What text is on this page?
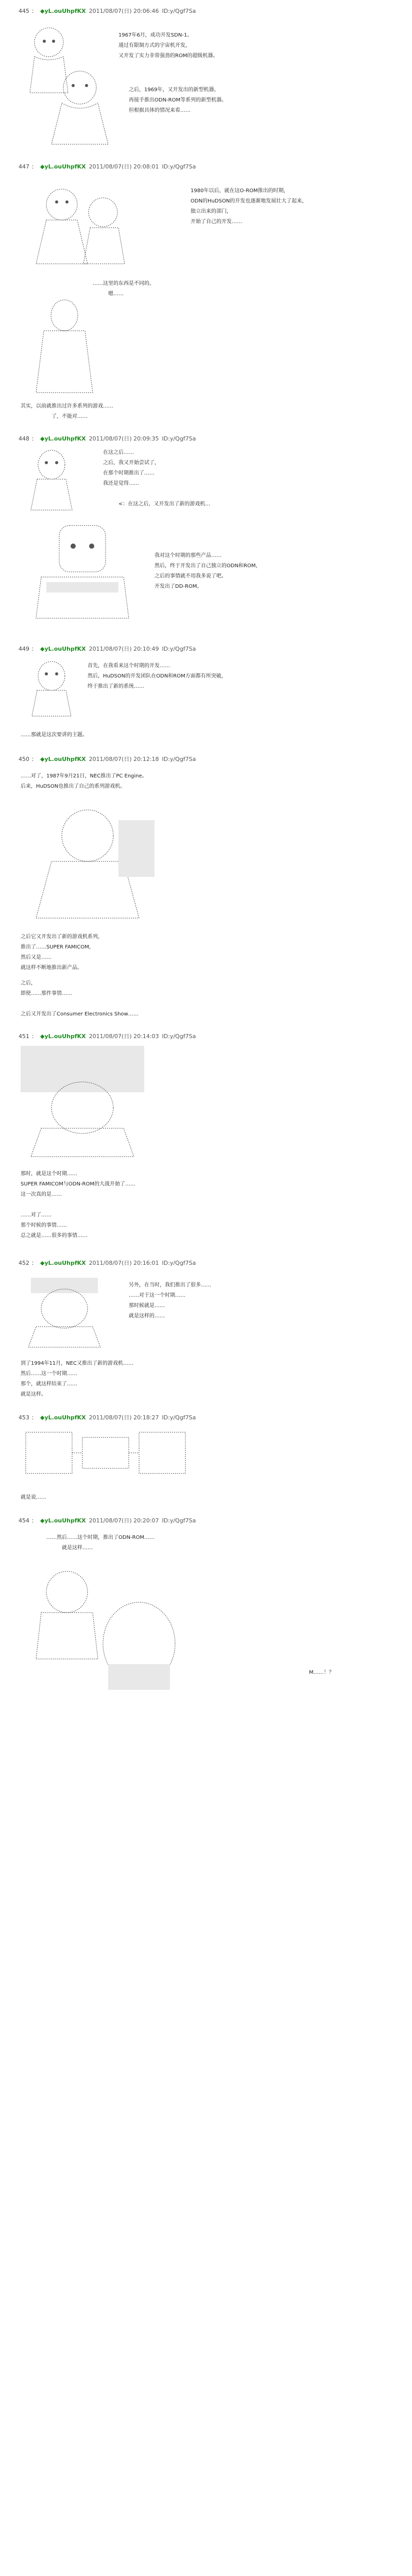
445 ： ◆yL.ouUhpfKX 2011/08/07(日) 20:06:46 ID:y/Qgf7Sa
1967年6月，成功开发SDN-1。
通过有限制方式的宇宙机开发，
又开发了实力非常强劲的ROM的超级机器。
之后，1969年，又开发出的新型机器，
再接手推出ODN-ROM等系列的新型机器。
但根据具体的情况来看……
447 ： ◆yL.ouUhpfKX 2011/08/07(日) 20:08:01 ID:y/Qgf7Sa
1980年以后，就在这O-ROM推出的时期，
ODN的HuDSON的开发也逐渐地发展壮大了起来，
独立出来的部门，
开始了自己的开发……
……这里的东西是不同的。
嗯……
其实，以前就推出过许多系列的游戏……
了，不能对……
448 ： ◆yL.ouUhpfKX 2011/08/07(日) 20:09:35 ID:y/Qgf7Sa
在这之后……
之后，我又开始尝试了，
在那个时期推出了……
我还是觉得……
<：在这之后，又开发出了新的游戏机…
我对这个时期的那些产品……
然后，终于开发出了自己独立的ODN和ROM，
之后的事情就不用我多说了吧。
开发出了DD-ROM。
449 ： ◆yL.ouUhpfKX 2011/08/07(日) 20:10:49 ID:y/Qgf7Sa
首先，在我看来这个时期的开发……
然后，HuDSON的开发团队在ODN和ROM方面都有所突破，
终于推出了新的系统……
……那就是这次要讲的主题。
450 ： ◆yL.ouUhpfKX 2011/08/07(日) 20:12:18 ID:y/Qgf7Sa
……对了，1987年9月21日，NEC推出了PC Engine。
后来，HuDSON也推出了自己的系列游戏机。
之后它又开发出了新的游戏机系列，
推出了……SUPER FAMICOM，
然后又是……
就这样不断地推出新产品。
之后，
即使……那件事情……
之后又开发出了Consumer Electronics Show……
451 ： ◆yL.ouUhpfKX 2011/08/07(日) 20:14:03 ID:y/Qgf7Sa
那时，就是这个时期……
SUPER FAMICOM与ODN-ROM的大战开始了……
这一次真的是……
……对了……
那个时候的事情……
总之就是……很多的事情……
452 ： ◆yL.ouUhpfKX 2011/08/07(日) 20:16:01 ID:y/Qgf7Sa
另外，在当时，我们推出了很多……
……对于这一个时期……
那时候就是……
就是这样的……
到了1994年11月，NEC又推出了新的游戏机……
然后……这一个时期……
那个，就这样结束了……
就是这样。
453 ： ◆yL.ouUhpfKX 2011/08/07(日) 20:18:27 ID:y/Qgf7Sa
就是说……
454 ： ◆yL.ouUhpfKX 2011/08/07(日) 20:20:07 ID:y/Qgf7Sa
……然后……这个时期，推出了ODN-ROM……
就是这样……
M……！？
